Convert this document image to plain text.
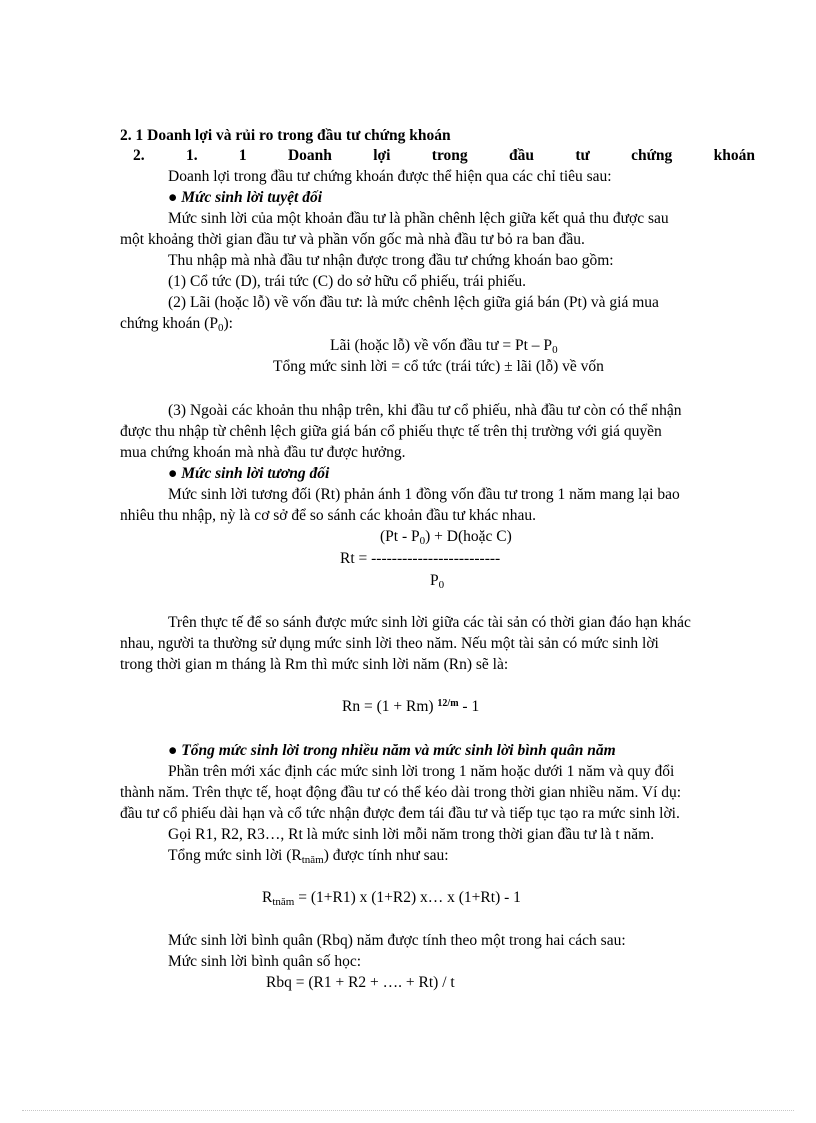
2. 1 Doanh lợi và rủi ro trong đầu tư chứng khoán
2.	1.	1	Doanh	lợi	trong	đầu	tư	chứng	khoán
Doanh lợi trong đầu tư chứng khoán được thể hiện qua các chỉ tiêu sau:
● Mức sinh lời tuyệt đối
Mức sinh lời của một khoản đầu tư là phần chênh lệch giữa kết quả thu được sau
một khoảng thời gian đầu tư và phần vốn gốc mà nhà đầu tư bỏ ra ban đầu.
Thu nhập mà nhà đầu tư nhận được trong đầu tư chứng khoán bao gồm:
(1) Cổ tức (D), trái tức (C) do sở hữu cổ phiếu, trái phiếu.
(2) Lãi (hoặc lỗ) về vốn đầu tư: là mức chênh lệch giữa giá bán (Pt) và giá mua
chứng khoán $(P_0)$:
Lãi (hoặc lỗ) về vốn đầu tư = Pt – $P_0$
Tổng mức sinh lời = cổ tức (trái tức) ± lãi (lỗ) về vốn
(3) Ngoài các khoản thu nhập trên, khi đầu tư cổ phiếu, nhà đầu tư còn có thể nhận
được thu nhập từ chênh lệch giữa giá bán cổ phiếu thực tế trên thị trường với giá quyền
mua chứng khoán mà nhà đầu tư được hưởng.
● Mức sinh lời tương đối
Mức sinh lời tương đối (Rt) phản ánh 1 đồng vốn đầu tư trong 1 năm mang lại bao
nhiêu thu nhập, nỳ là cơ sở để so sánh các khoản đầu tư khác nhau.
$(Pt - P_0)$ + D(hoặc C)
Rt = -------------------------
$P_0$
Trên thực tế để so sánh được mức sinh lời giữa các tài sản có thời gian đáo hạn khác
nhau, người ta thường sử dụng mức sinh lời theo năm. Nếu một tài sản có mức sinh lời
trong thời gian m tháng là Rm thì mức sinh lời năm (Rn) sẽ là:
Rn = (1 + Rm) $^{12/m}$ - 1
● Tổng mức sinh lời trong nhiều năm và mức sinh lời bình quân năm
Phần trên mới xác định các mức sinh lời trong 1 năm hoặc dưới 1 năm và quy đổi
thành năm. Trên thực tế, hoạt động đầu tư có thể kéo dài trong thời gian nhiều năm. Ví dụ:
đầu tư cổ phiếu dài hạn và cổ tức nhận được đem tái đầu tư và tiếp tục tạo ra mức sinh lời.
Gọi R1, R2, R3…, Rt là mức sinh lời mỗi năm trong thời gian đầu tư là t năm.
Tổng mức sinh lời $(R_{tnăm})$ được tính như sau:
$R_{tnăm} = (1+R1)$ x (1+R2) x… x (1+Rt) - 1
Mức sinh lời bình quân (Rbq) năm được tính theo một trong hai cách sau:
Mức sinh lời bình quân số học:
Rbq = (R1 + R2 + …. + Rt) / t
